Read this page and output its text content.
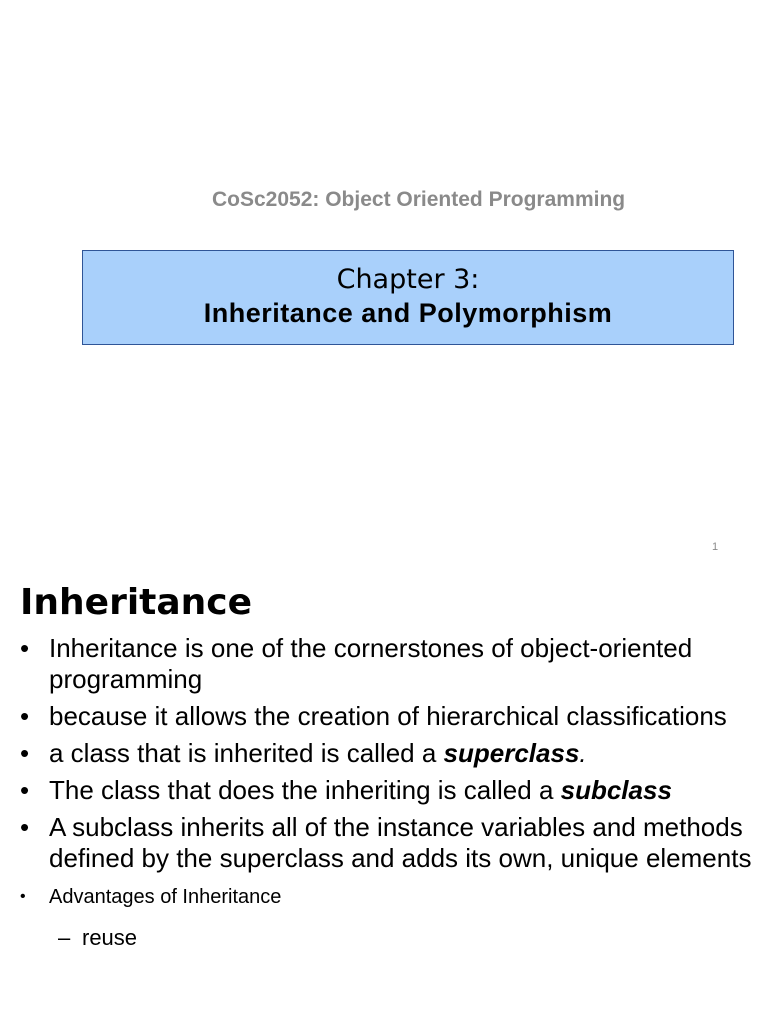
CoSc2052: Object Oriented Programming
Chapter 3:
Inheritance and Polymorphism
1
Inheritance
• Inheritance is one of the cornerstones of object-oriented programming
• because it allows the creation of hierarchical classifications
• a class that is inherited is called a superclass.
• The class that does the inheriting is called a subclass
• A subclass inherits all of the instance variables and methods defined by the superclass and adds its own, unique elements
• Advantages of Inheritance
– reuse
